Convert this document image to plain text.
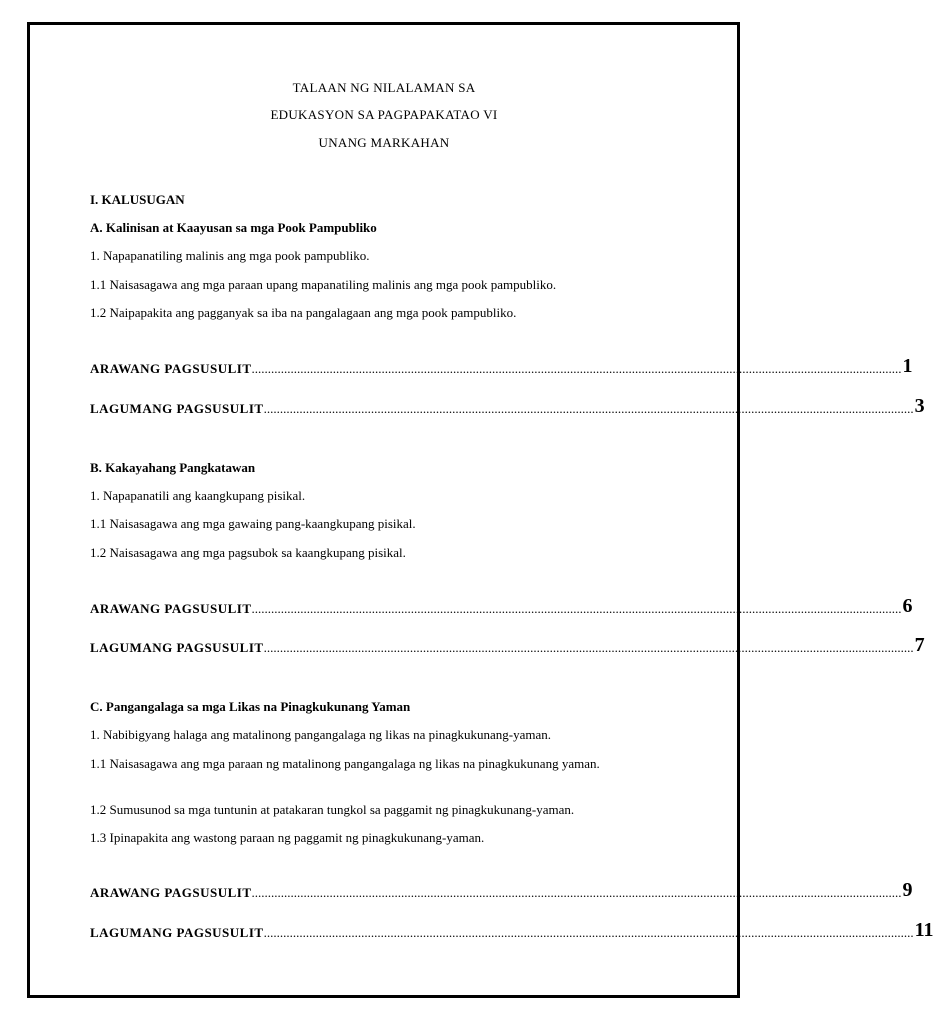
TALAAN NG NILALAMAN SA
EDUKASYON SA PAGPAPAKATAO VI
UNANG MARKAHAN
I. KALUSUGAN
A. Kalinisan at Kaayusan sa mga Pook Pampubliko
1. Napapanatiling malinis ang mga pook pampubliko.
1.1 Naisasagawa ang mga paraan upang mapanatiling malinis ang mga pook pampubliko.
1.2 Naipapakita ang pagganyak sa iba na pangalagaan ang mga pook pampubliko.
ARAWANG PAGSUSULIT ........................................................................................................................................................................................................ 1
LAGUMANG PAGSUSULIT ........................................................................................................................................................................................................ 3
B. Kakayahang Pangkatawan
1. Napapanatili ang kaangkupang pisikal.
1.1 Naisasagawa ang mga gawaing pang-kaangkupang pisikal.
1.2 Naisasagawa ang mga pagsubok sa kaangkupang pisikal.
ARAWANG PAGSUSULIT ........................................................................................................................................................................................................ 6
LAGUMANG PAGSUSULIT ........................................................................................................................................................................................................ 7
C. Pangangalaga sa mga Likas na Pinagkukunang Yaman
1. Nabibigyang halaga ang matalinong pangangalaga ng likas na pinagkukunang-yaman.
1.1 Naisasagawa ang mga paraan ng matalinong pangangalaga ng likas na pinagkukunang yaman.
1.2 Sumusunod sa mga tuntunin at patakaran tungkol sa paggamit ng pinagkukunang-yaman.
1.3 Ipinapakita ang wastong paraan ng paggamit ng pinagkukunang-yaman.
ARAWANG PAGSUSULIT ........................................................................................................................................................................................................ 9
LAGUMANG PAGSUSULIT ........................................................................................................................................................................................................ 11
